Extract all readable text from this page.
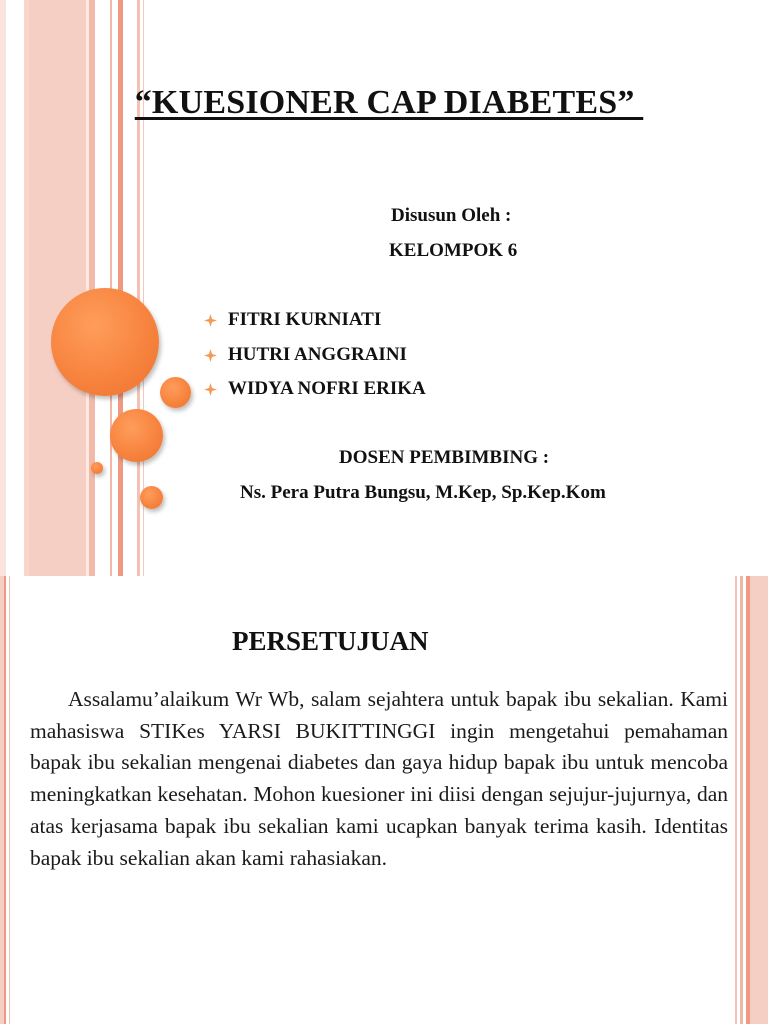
“KUESIONER CAP DIABETES”
Disusun Oleh :
KELOMPOK 6
FITRI KURNIATI
HUTRI ANGGRAINI
WIDYA NOFRI ERIKA
DOSEN PEMBIMBING :
Ns. Pera Putra Bungsu, M.Kep, Sp.Kep.Kom
PERSETUJUAN

Assalamu’alaikum Wr Wb, salam sejahtera untuk bapak ibu sekalian. Kami mahasiswa STIKes YARSI BUKITTINGGI ingin mengetahui pemahaman bapak ibu sekalian mengenai diabetes dan gaya hidup bapak ibu untuk mencoba meningkatkan kesehatan. Mohon kuesioner ini diisi dengan sejujur-jujurnya, dan atas kerjasama bapak ibu sekalian kami ucapkan banyak terima kasih. Identitas bapak ibu sekalian akan kami rahasiakan.
